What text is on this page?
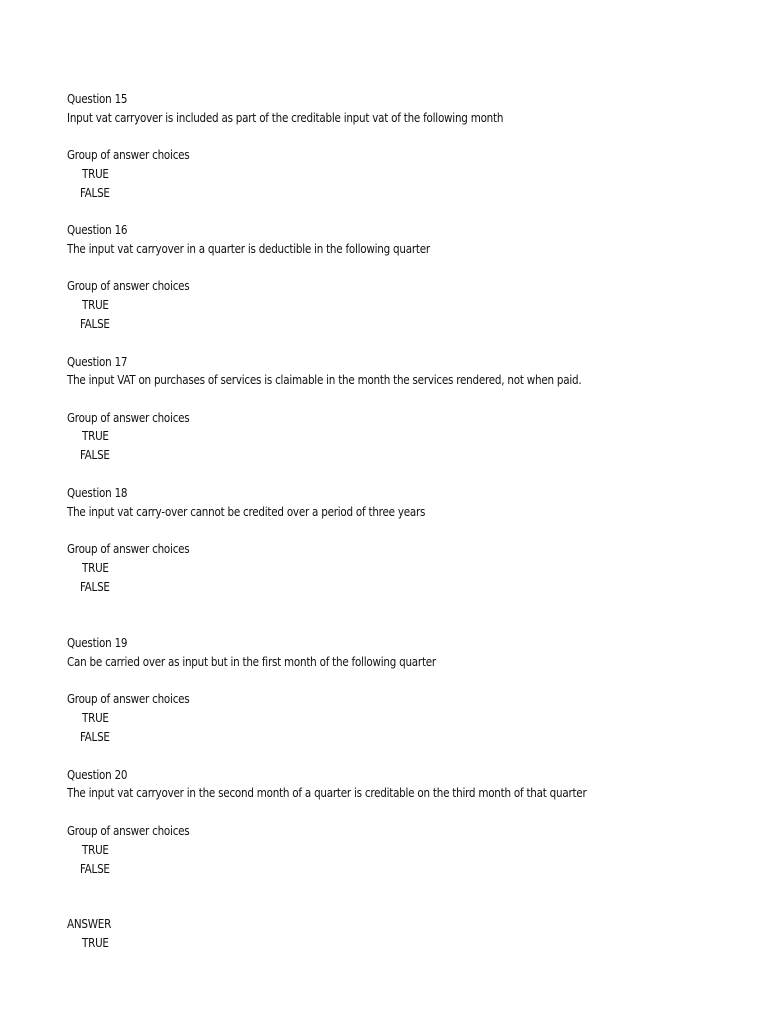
Question 15
Input vat carryover is included as part of the creditable input vat of the following month
Group of answer choices
TRUE
FALSE
Question 16
The input vat carryover in a quarter is deductible in the following quarter
Group of answer choices
TRUE
FALSE
Question 17
The input VAT on purchases of services is claimable in the month the services rendered, not when paid.
Group of answer choices
TRUE
FALSE
Question 18
The input vat carry-over cannot be credited over a period of three years
Group of answer choices
TRUE
FALSE
Question 19
Can be carried over as input but in the first month of the following quarter
Group of answer choices
TRUE
FALSE
Question 20
The input vat carryover in the second month of a quarter is creditable on the third month of that quarter
Group of answer choices
TRUE
FALSE
ANSWER
TRUE
